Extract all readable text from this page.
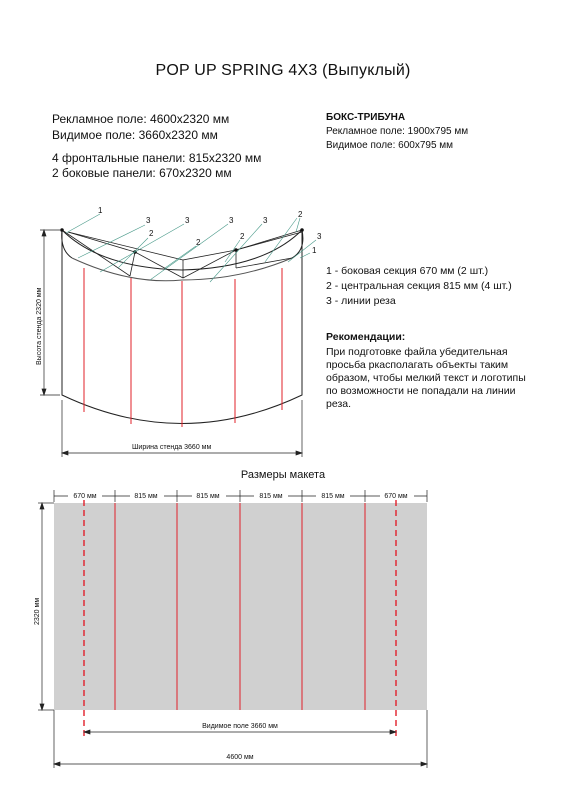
POP UP SPRING 4X3 (Выпуклый)
Рекламное поле: 4600х2320 мм
Видимое поле: 3660х2320 мм
4 фронтальные панели: 815х2320 мм
2 боковые панели: 670х2320 мм
БОКС-ТРИБУНА
Рекламное поле: 1900х795 мм
Видимое поле: 600х795 мм
1 - боковая секция 670 мм (2 шт.)
2 - центральная секция 815 мм (4 шт.)
3 - линии реза
Рекомендации:
При подготовке файла убедительная просьба ркасполагать объекты таким образом, чтобы мелкий текст и логотипы по возможности не попадали на линии реза.
1
3	3
2
3
2
3
2
2
3
1
Высота стенда 2320 мм
Ширина стенда 3660 мм
Размеры макета
670 мм	815 мм	815 мм	815 мм	815 мм	670 мм
2320 мм
Видимое поле 3660 мм
4600 мм
